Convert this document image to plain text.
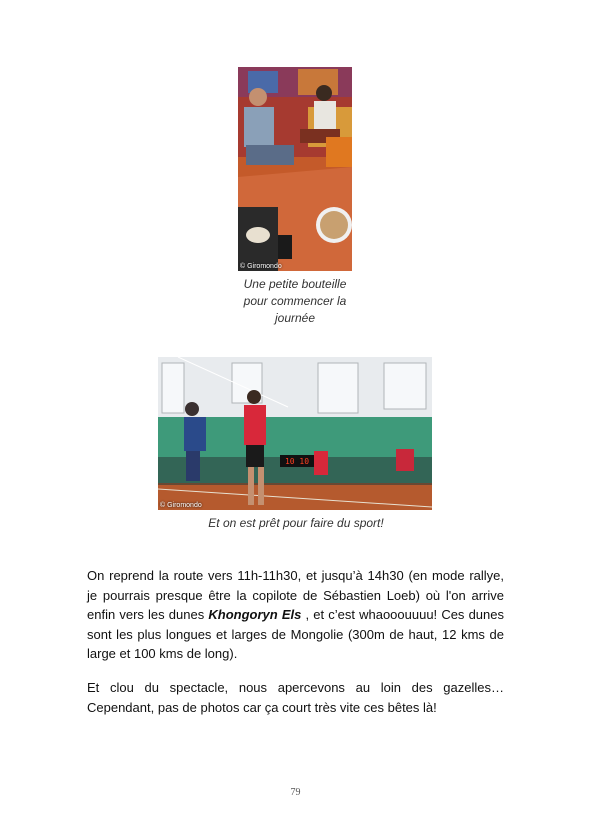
© Giromondo
Une petite bouteille
pour commencer la
journée
10 10
© Giromondo
Et on est prêt pour faire du sport!

On reprend la route vers 11h-11h30, et jusqu’à 14h30 (en mode rallye, je pourrais presque être la copilote de Sébastien Loeb) où l'on arrive enfin vers les dunes Khongoryn Els , et c’est whaooouuuu! Ces dunes sont les plus longues et larges de Mongolie (300m de haut, 12 kms de large et 100 kms de long).

Et clou du spectacle, nous apercevons au loin des gazelles… Cependant, pas de photos car ça court très vite ces bêtes là!

79
